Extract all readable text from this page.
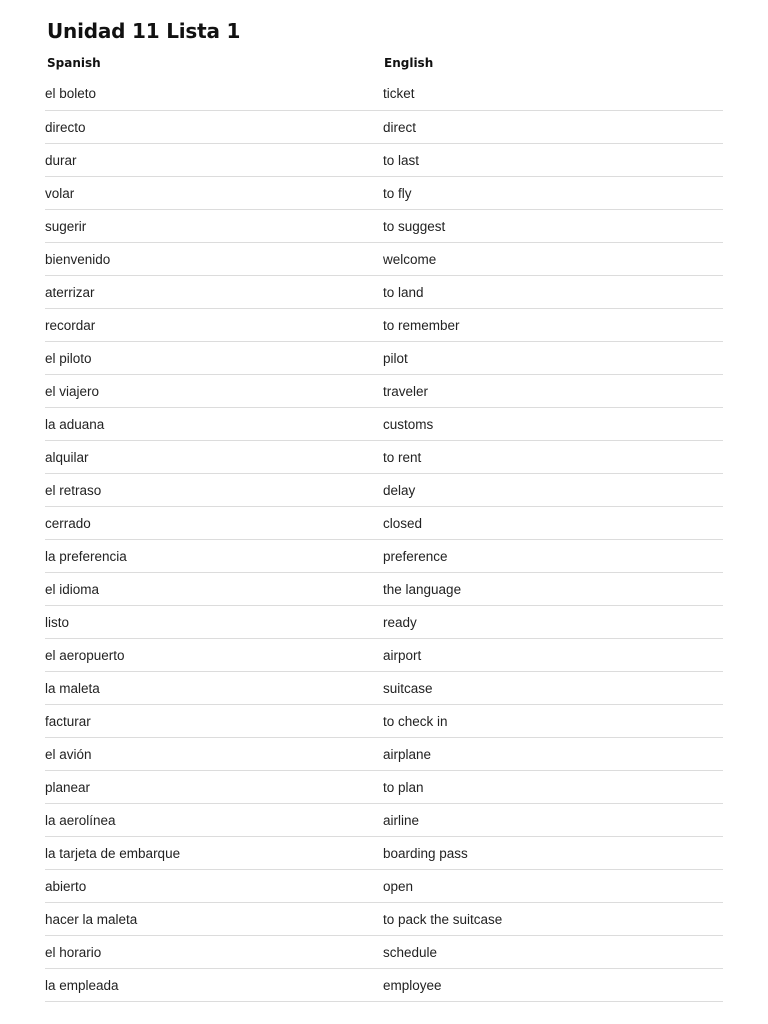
Unidad 11 Lista 1
Spanish	English
el boleto	ticket
directo	direct
durar	to last
volar	to fly
sugerir	to suggest
bienvenido	welcome
aterrizar	to land
recordar	to remember
el piloto	pilot
el viajero	traveler
la aduana	customs
alquilar	to rent
el retraso	delay
cerrado	closed
la preferencia	preference
el idioma	the language
listo	ready
el aeropuerto	airport
la maleta	suitcase
facturar	to check in
el avión	airplane
planear	to plan
la aerolínea	airline
la tarjeta de embarque	boarding pass
abierto	open
hacer la maleta	to pack the suitcase
el horario	schedule
la empleada	employee
